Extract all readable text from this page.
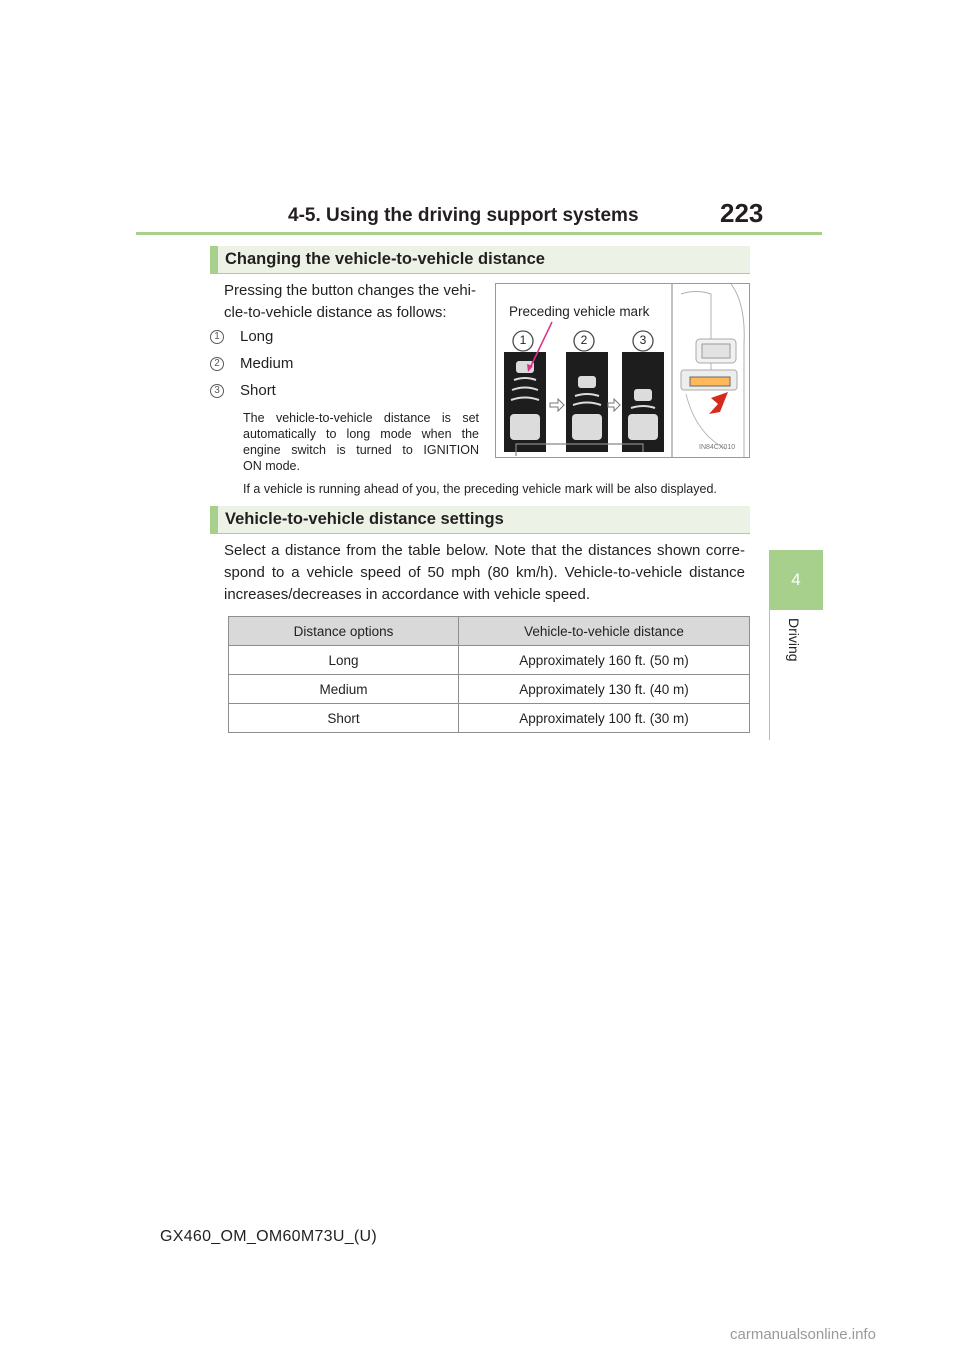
4-5. Using the driving support systems	223
4
Driving
Changing the vehicle-to-vehicle distance
Pressing the button changes the vehi-
cle-to-vehicle distance as follows:
1 Long
2 Medium
3 Short
The vehicle-to-vehicle distance is set
automatically to long mode when the
engine switch is turned to IGNITION
ON mode.
Preceding vehicle mark
1	2	3
IN84CX010
If a vehicle is running ahead of you, the preceding vehicle mark will be also displayed.
Vehicle-to-vehicle distance settings
Select a distance from the table below. Note that the distances shown corre-
spond to a vehicle speed of 50 mph (80 km/h). Vehicle-to-vehicle distance
increases/decreases in accordance with vehicle speed.
Distance options	Vehicle-to-vehicle distance
Long	Approximately 160 ft. (50 m)
Medium	Approximately 130 ft. (40 m)
Short	Approximately 100 ft. (30 m)
GX460_OM_OM60M73U_(U)
carmanualsonline.info
